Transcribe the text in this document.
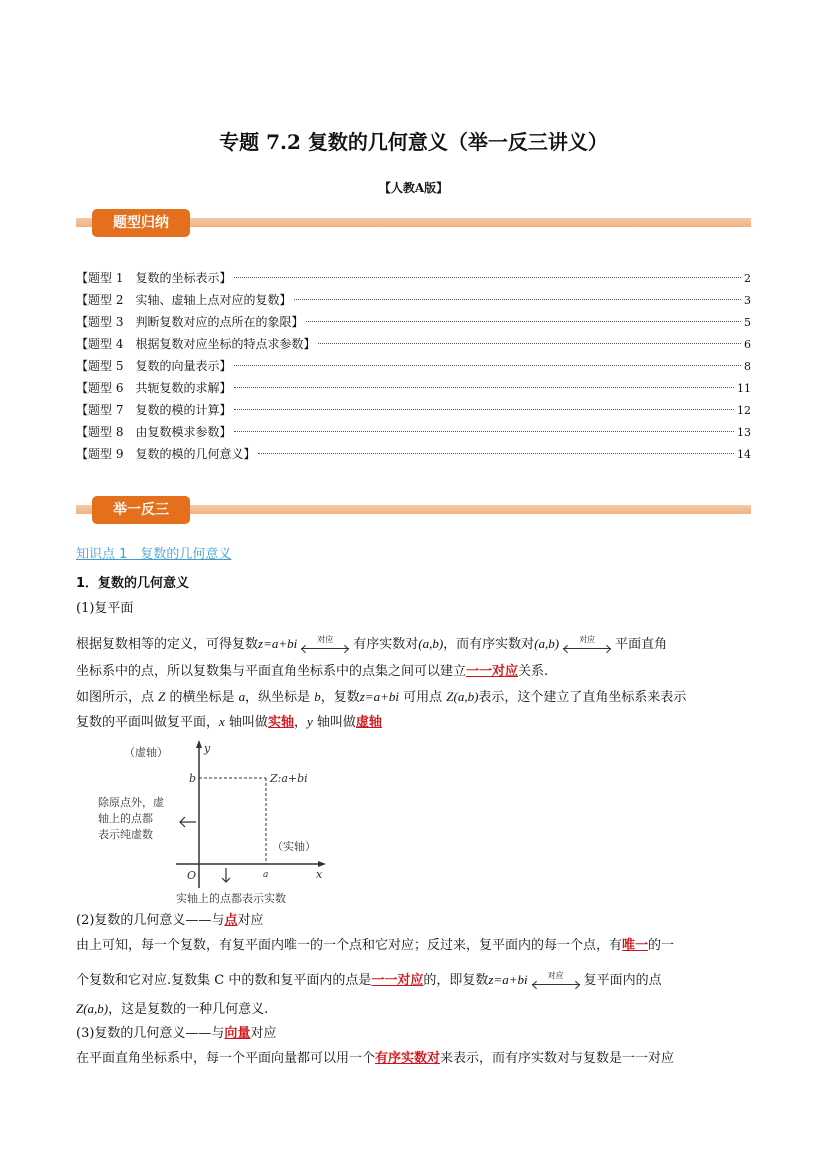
专题 7.2 复数的几何意义（举一反三讲义）
【人教A版】
题型归纳
【题型 1　复数的坐标表示】	2
【题型 2　实轴、虚轴上点对应的复数】	3
【题型 3　判断复数对应的点所在的象限】	5
【题型 4　根据复数对应坐标的特点求参数】	6
【题型 5　复数的向量表示】	8
【题型 6　共轭复数的求解】	11
【题型 7　复数的模的计算】	12
【题型 8　由复数模求参数】	13
【题型 9　复数的模的几何意义】	14
举一反三
知识点 1　复数的几何意义
1．复数的几何意义
(1)复平面
根据复数相等的定义，可得复数z=a+bi	对应 有序实数对(a,b)，而有序实数对(a,b)	对应 平面直角
坐标系中的点，所以复数集与平面直角坐标系中的点集之间可以建立一一对应关系.
如图所示，点 Z 的横坐标是 a，纵坐标是 b，复数z=a+bi 可用点 Z(a,b)表示，这个建立了直角坐标系来表示
复数的平面叫做复平面，x 轴叫做实轴，y 轴叫做虚轴
（虚轴）	y
b	Z:a+bi
除原点外，虚
轴上的点都
表示纯虚数
（实轴）
O	a	x
实轴上的点都表示实数
(2)复数的几何意义——与点对应
由上可知，每一个复数，有复平面内唯一的一个点和它对应；反过来，复平面内的每一个点，有唯一的一
个复数和它对应.复数集 C 中的数和复平面内的点是一一对应的，即复数z=a+bi	对应 复平面内的点
Z(a,b)，这是复数的一种几何意义.
(3)复数的几何意义——与向量对应
在平面直角坐标系中，每一个平面向量都可以用一个有序实数对来表示，而有序实数对与复数是一一对应
